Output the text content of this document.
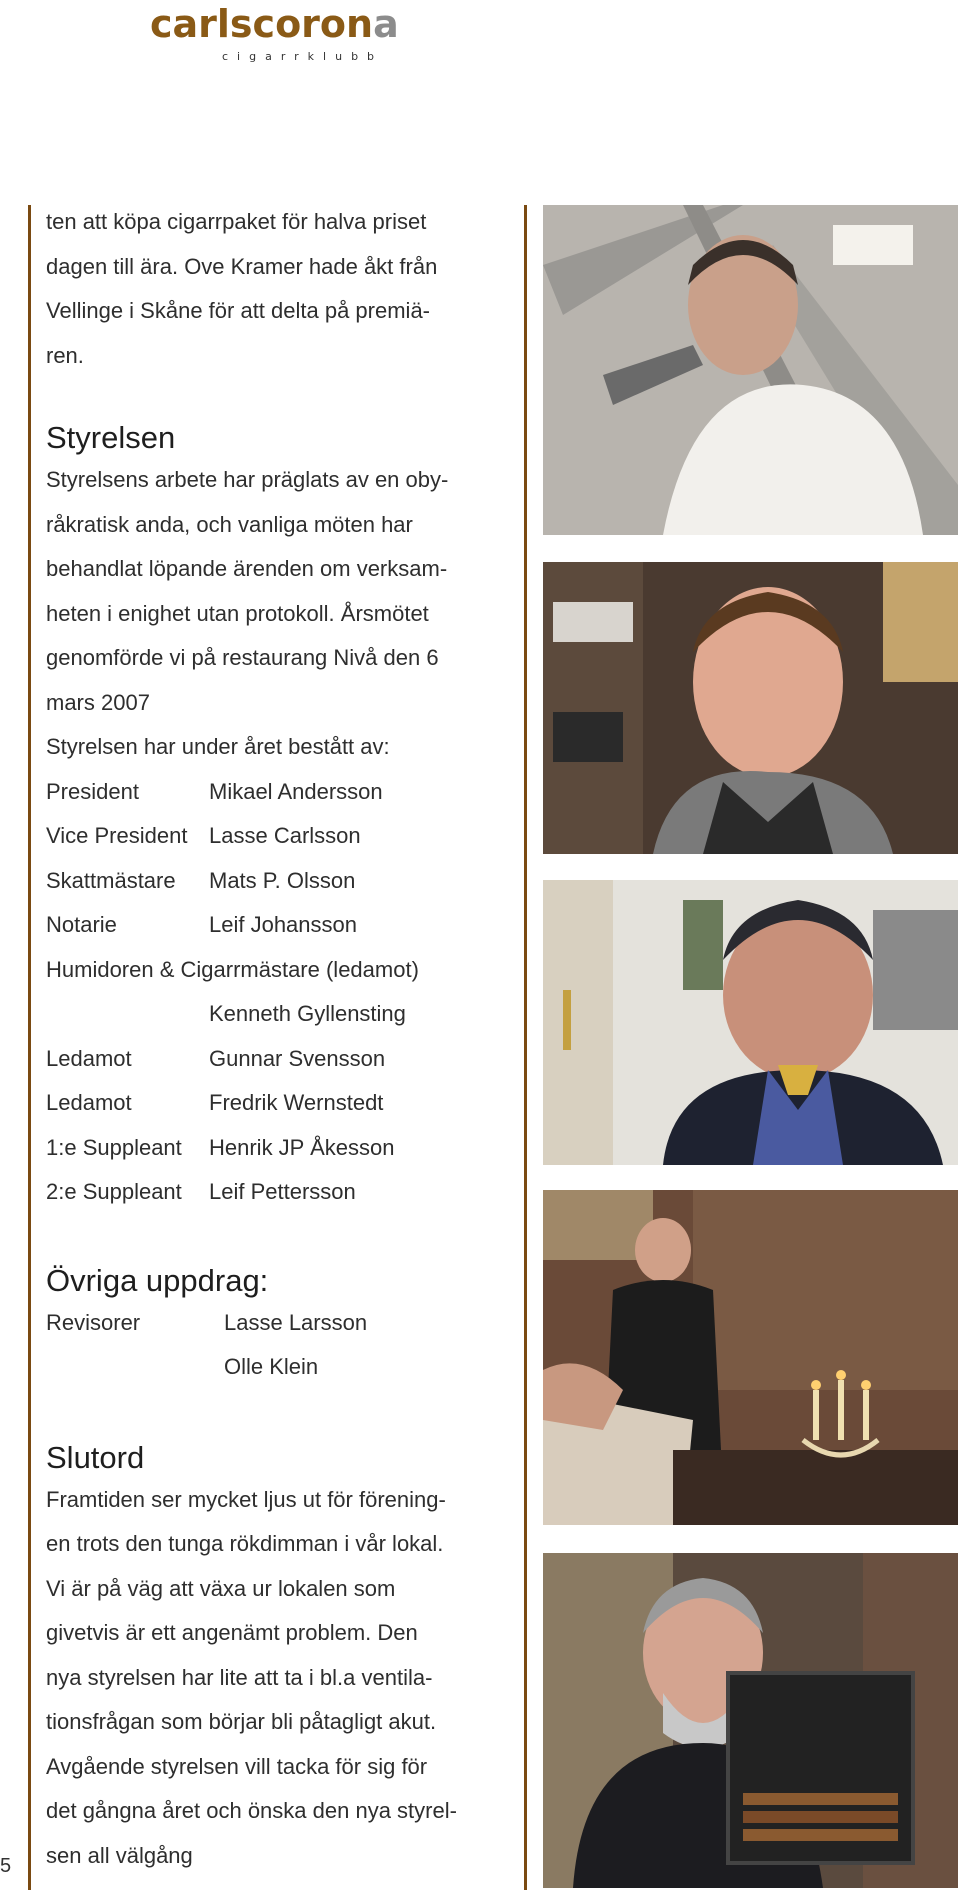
carlscorona
cigarrklubb

ten att köpa cigarrpaket för halva priset

dagen till ära. Ove Kramer hade åkt från

Vellinge i Skåne för att delta på premiä-

ren.

Styrelsen

Styrelsens arbete har präglats av en oby-

råkratisk anda, och vanliga möten har

behandlat löpande ärenden om verksam-

heten i enighet utan protokoll. Årsmötet

genomförde vi på restaurang Nivå den 6

mars 2007

Styrelsen har under året bestått av:

President	Mikael Andersson
Vice President Lasse Carlsson
Skattmästare	Mats P. Olsson
Notarie	Leif Johansson

Humidoren & Cigarrmästare (ledamot)

Kenneth Gyllensting
Ledamot	Gunnar Svensson
Ledamot	Fredrik Wernstedt
1:e Suppleant	Henrik JP Åkesson
2:e Suppleant	Leif Pettersson
Övriga uppdrag:
Revisorer	Lasse Larsson
Olle Klein
Slutord

Framtiden ser mycket ljus ut för förening-

en trots den tunga rökdimman i vår lokal.

Vi är på väg att växa ur lokalen som

givetvis är ett angenämt problem. Den

nya styrelsen har lite att ta i bl.a ventila-

tionsfrågan som börjar bli påtagligt akut.

Avgående styrelsen vill tacka för sig för

det gångna året och önska den nya styrel-

sen all välgång

5
